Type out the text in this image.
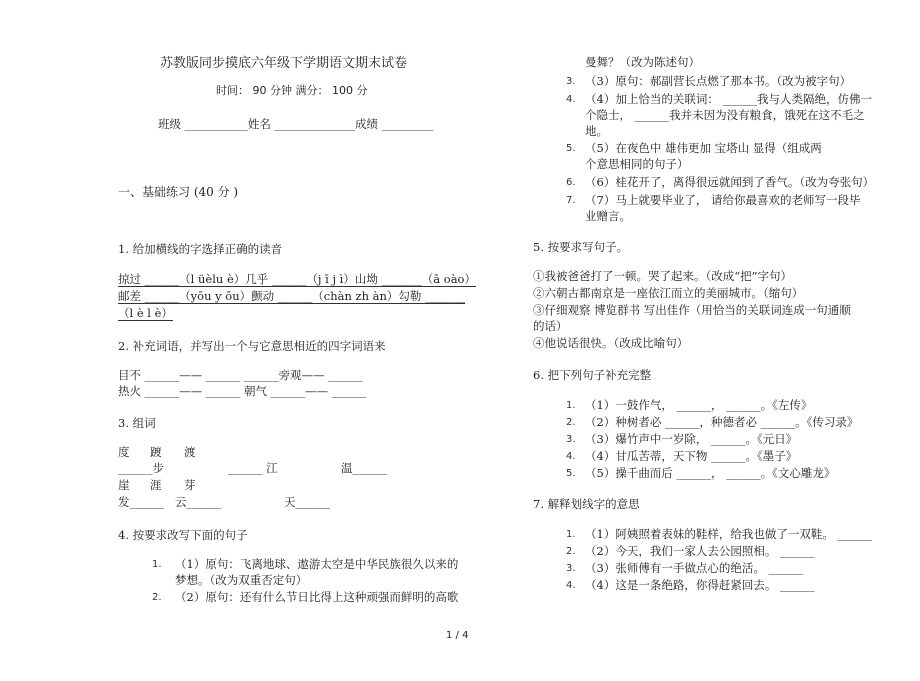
苏教版同步摸底六年级下学期语文期末试卷
时间： 90 分钟 满分： 100 分
班级 ___________姓名 ______________成绩 _________
一、基础练习 (40 分 )
1. 给加横线的字选择正确的读音
掠过 ______（l üèlu è）几乎 ______（j ī j ì）山坳 _______（ā oào）
邮差 ______（yōu y ōu）颤动 ______（chàn zh àn）勾勒 _______
（l è l è）
2. 补充词语，并写出一个与它意思相近的四字词语来
目不 ______—— ______ ______旁观—— ______
热火 ______—— ______ 朝气 ______—— ______
3. 组词
度 踱 渡
______步	______ 江	温______
崖 涯 芽
发______ 云______	天______
4. 按要求改写下面的句子
1. （1）原句：飞离地球、遨游太空是中华民族很久以来的
梦想。（改为双重否定句）
2. （2）原句：还有什么节日比得上这种顽强而鲜明的高歌
曼舞？（改为陈述句）
3. （3）原句：郝副营长点燃了那本书。（改为被字句）
4. （4）加上恰当的关联词： ______我与人类隔绝，仿佛一
个隐士， ______我并未因为没有粮食，饿死在这不毛之
地。
5. （5）在夜色中 雄伟更加 宝塔山 显得（组成两
个意思相同的句子）
6. （6）桂花开了，离得很远就闻到了香气。（改为夸张句）
7. （7）马上就要毕业了， 请给你最喜欢的老师写一段毕
业赠言。
5. 按要求写句子。
①我被爸爸打了一顿。哭了起来。（改成“把”字句）
②六朝古都南京是一座依江而立的美丽城市。（缩句）
③仔细观察 博览群书 写出佳作（用恰当的关联词连成一句通顺
的话）
④他说话很快。（改成比喻句）
6. 把下列句子补充完整
1. （1）一鼓作气， ______， ______。《左传》
2. （2）种树者必 ______，种德者必 ______。《传习录》
3. （3）爆竹声中一岁除， ______。《元日》
4. （4）甘瓜苦蒂，天下物 ______。《墨子》
5. （5）操千曲而后 ______， ______。《文心雕龙》
7. 解释划线字的意思
1. （1）阿姨照着表妹的鞋样，给我也做了一双鞋。 ______
2. （2）今天，我们一家人去公园照相。 ______
3. （3）张师傅有一手做点心的绝活。 ______
4. （4）这是一条绝路，你得赶紧回去。 ______
1 / 4
